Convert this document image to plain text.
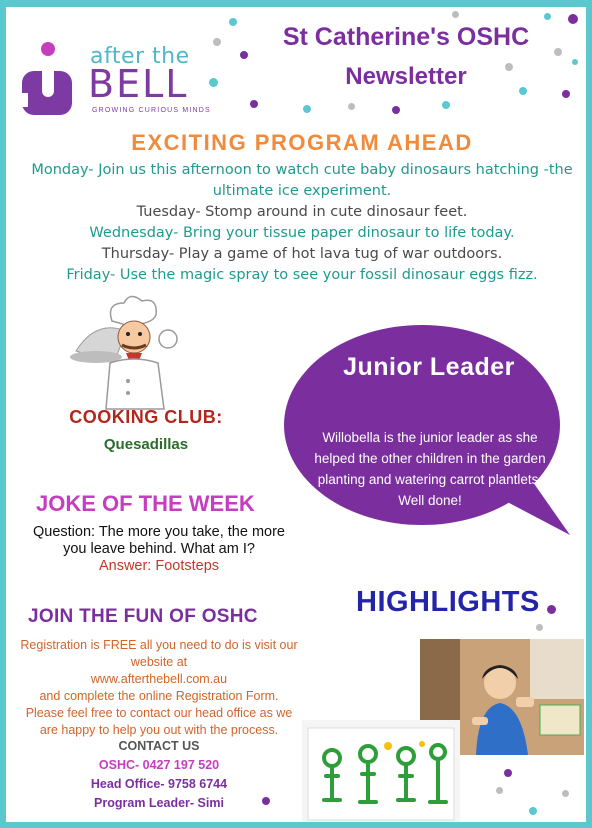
after the
BELL
GROWING CURIOUS MINDS
St Catherine's OSHC
Newsletter
EXCITING PROGRAM AHEAD
Monday- Join us this afternoon to watch cute baby dinosaurs hatching -the ultimate ice experiment.
Tuesday- Stomp around in cute dinosaur feet.
Wednesday- Bring your tissue paper dinosaur to life today.
Thursday- Play a game of hot lava tug of war outdoors.
Friday- Use the magic spray to see your fossil dinosaur eggs fizz.
COOKING CLUB:
Quesadillas
Junior Leader
Willobella is the junior leader as she helped the other children in the garden planting and watering carrot plantlets. Well done!
JOKE OF THE WEEK
Question: The more you take, the more you leave behind. What am I?
Answer: Footsteps
JOIN THE FUN OF OSHC
Registration is FREE all you need to do is visit our website at
www.afterthebell.com.au
and complete the online Registration Form.
Please feel free to contact our head office as we are happy to help you out with the process.
CONTACT US
OSHC- 0427 197 520
Head Office- 9758 6744
Program Leader- Simi
HIGHLIGHTS
